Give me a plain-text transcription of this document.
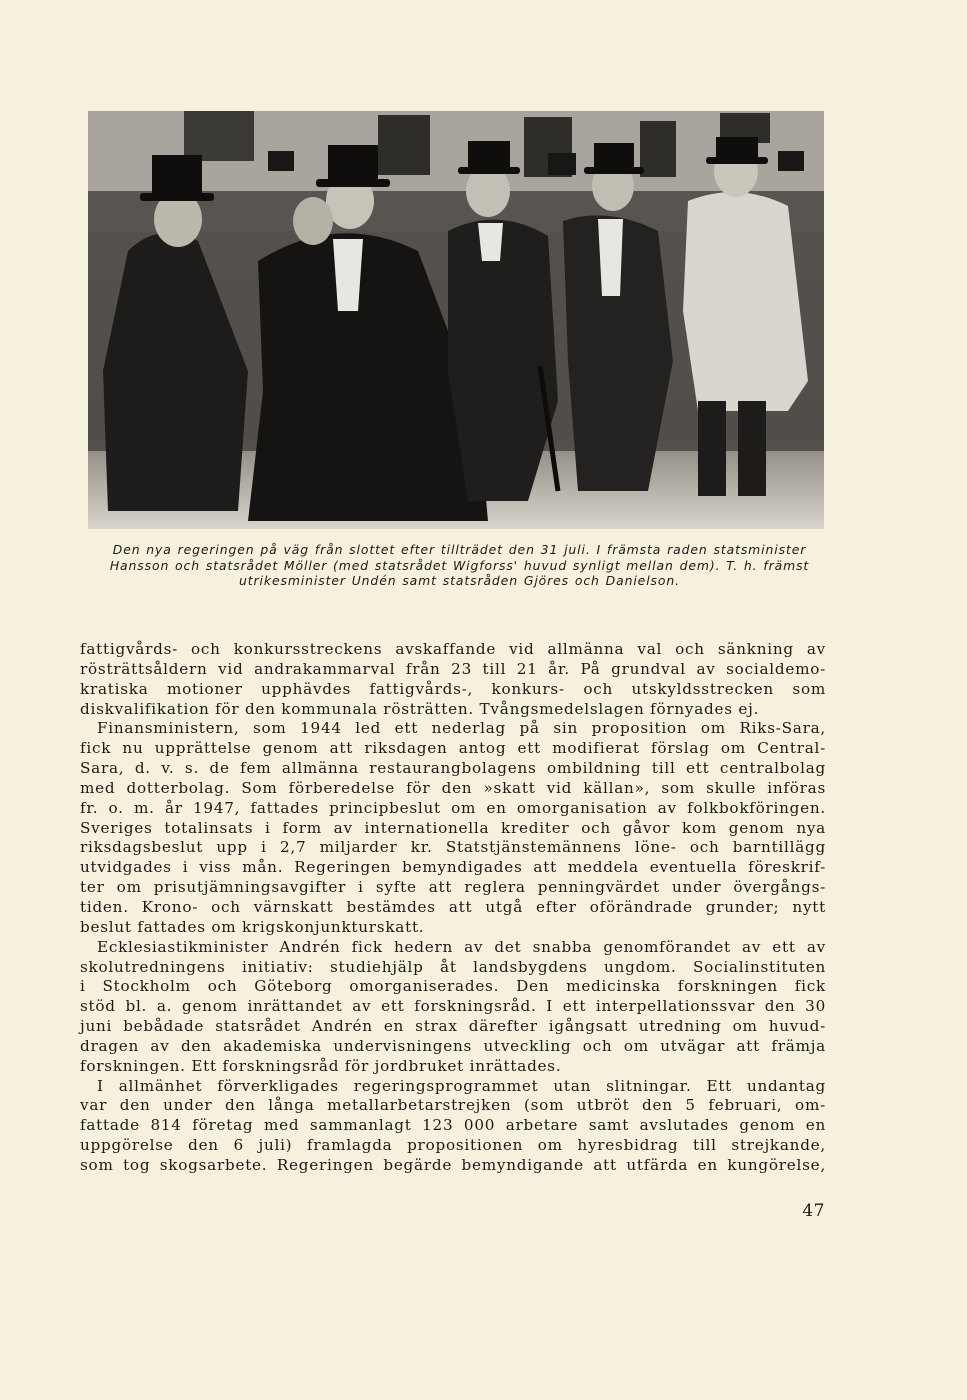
Den nya regeringen på väg från slottet efter tillträdet den 31 juli. I främsta raden statsminister
Hansson och statsrådet Möller (med statsrådet Wigforss' huvud synligt mellan dem). T. h. främst
utrikesminister Undén samt statsråden Gjöres och Danielson.
fattigvårds- och konkursstreckens avskaffande vid allmänna val och sänkning av
rösträttsåldern vid andrakammarval från 23 till 21 år. På grundval av socialdemo-
kratiska motioner upphävdes fattigvårds-, konkurs- och utskyldsstrecken som
diskvalifikation för den kommunala rösträtten. Tvångsmedelslagen förnyades ej.
Finansministern, som 1944 led ett nederlag på sin proposition om Riks-Sara,
fick nu upprättelse genom att riksdagen antog ett modifierat förslag om Central-
Sara, d. v. s. de fem allmänna restaurangbolagens ombildning till ett centralbolag
med dotterbolag. Som förberedelse för den »skatt vid källan», som skulle införas
fr. o. m. år 1947, fattades principbeslut om en omorganisation av folkbokföringen.
Sveriges totalinsats i form av internationella krediter och gåvor kom genom nya
riksdagsbeslut upp i 2,7 miljarder kr. Statstjänstemännens löne- och barntillägg
utvidgades i viss mån. Regeringen bemyndigades att meddela eventuella föreskrif-
ter om prisutjämningsavgifter i syfte att reglera penningvärdet under övergångs-
tiden. Krono- och värnskatt bestämdes att utgå efter oförändrade grunder; nytt
beslut fattades om krigskonjunkturskatt.
Ecklesiastikminister Andrén fick hedern av det snabba genomförandet av ett av
skolutredningens initiativ: studiehjälp åt landsbygdens ungdom. Socialinstituten
i Stockholm och Göteborg omorganiserades. Den medicinska forskningen fick
stöd bl. a. genom inrättandet av ett forskningsråd. I ett interpellationssvar den 30
juni bebådade statsrådet Andrén en strax därefter igångsatt utredning om huvud-
dragen av den akademiska undervisningens utveckling och om utvägar att främja
forskningen. Ett forskningsråd för jordbruket inrättades.
I allmänhet förverkligades regeringsprogrammet utan slitningar. Ett undantag
var den under den långa metallarbetarstrejken (som utbröt den 5 februari, om-
fattade 814 företag med sammanlagt 123 000 arbetare samt avslutades genom en
uppgörelse den 6 juli) framlagda propositionen om hyresbidrag till strejkande,
som tog skogsarbete. Regeringen begärde bemyndigande att utfärda en kungörelse,
47
